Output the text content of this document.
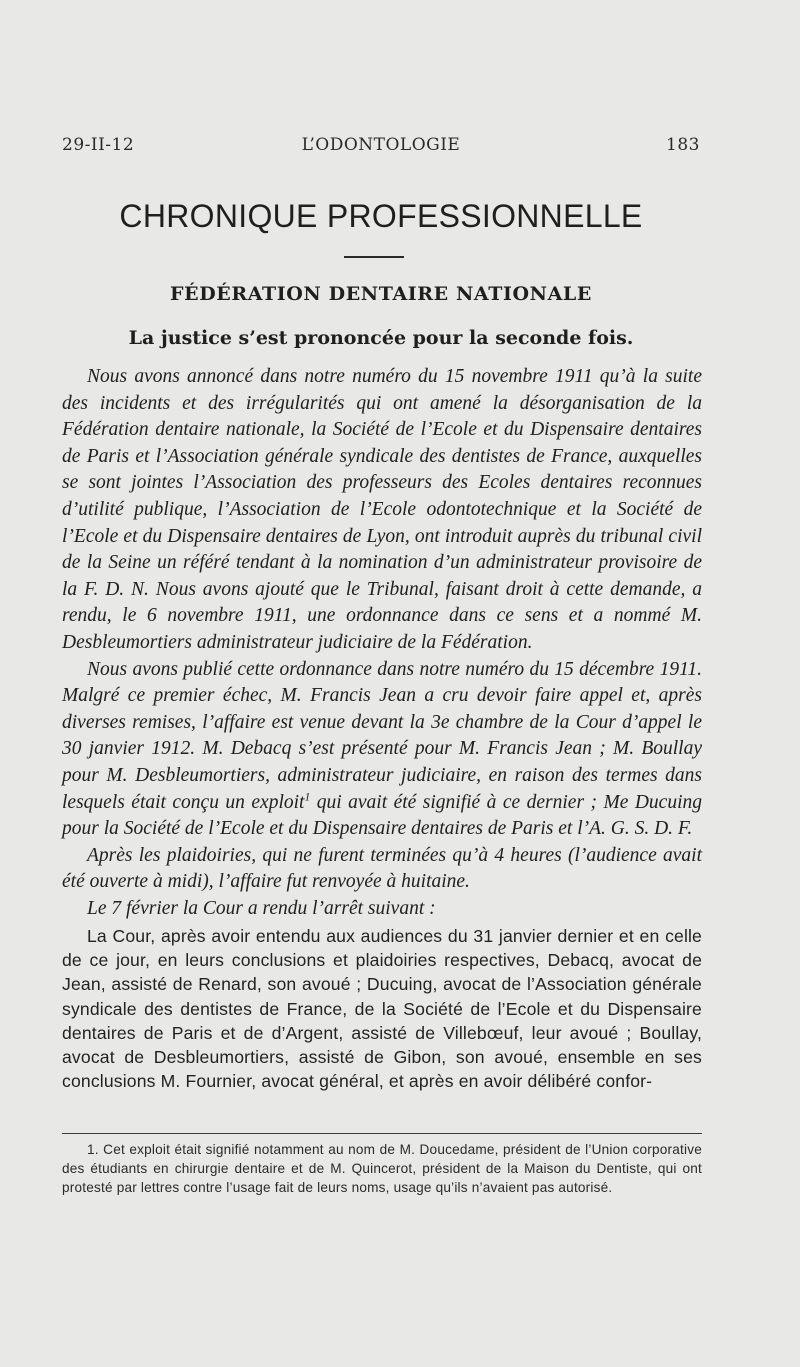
29-II-12	L’ODONTOLOGIE	183
CHRONIQUE PROFESSIONNELLE
FÉDÉRATION DENTAIRE NATIONALE
La justice s’est prononcée pour la seconde fois.

Nous avons annoncé dans notre numéro du 15 novembre 1911 qu’à la suite des incidents et des irrégularités qui ont amené la désorganisation de la Fédération dentaire nationale, la Société de l’Ecole et du Dispensaire dentaires de Paris et l’Association générale syndicale des dentistes de France, auxquelles se sont jointes l’Association des professeurs des Ecoles dentaires reconnues d’utilité publique, l’Association de l’Ecole odontotechnique et la Société de l’Ecole et du Dispensaire dentaires de Lyon, ont introduit auprès du tribunal civil de la Seine un référé tendant à la nomination d’un administrateur provisoire de la F. D. N. Nous avons ajouté que le Tribunal, faisant droit à cette demande, a rendu, le 6 novembre 1911, une ordonnance dans ce sens et a nommé M. Desbleumortiers administrateur judiciaire de la Fédération.

Nous avons publié cette ordonnance dans notre numéro du 15 décembre 1911. Malgré ce premier échec, M. Francis Jean a cru devoir faire appel et, après diverses remises, l’affaire est venue devant la 3e chambre de la Cour d’appel le 30 janvier 1912. M. Debacq s’est présenté pour M. Francis Jean ; M. Boullay pour M. Desbleumortiers, administrateur judiciaire, en raison des termes dans lesquels était conçu un exploit$^1$ qui avait été signifié à ce dernier ; Me Ducuing pour la Société de l’Ecole et du Dispensaire dentaires de Paris et l’A. G. S. D. F.

Après les plaidoiries, qui ne furent terminées qu’à 4 heures (l’audience avait été ouverte à midi), l’affaire fut renvoyée à huitaine.

Le 7 février la Cour a rendu l’arrêt suivant :

La Cour, après avoir entendu aux audiences du 31 janvier dernier et en celle de ce jour, en leurs conclusions et plaidoiries respectives, Debacq, avocat de Jean, assisté de Renard, son avoué ; Ducuing, avocat de l’Association générale syndicale des dentistes de France, de la Société de l’Ecole et du Dispensaire dentaires de Paris et de d’Argent, assisté de Villebœuf, leur avoué ; Boullay, avocat de Desbleumortiers, assisté de Gibon, son avoué, ensemble en ses conclusions M. Fournier, avocat général, et après en avoir délibéré confor-

1. Cet exploit était signifié notamment au nom de M. Doucedame, président de l’Union corporative des étudiants en chirurgie dentaire et de M. Quincerot, président de la Maison du Dentiste, qui ont protesté par lettres contre l’usage fait de leurs noms, usage qu’ils n’avaient pas autorisé.
